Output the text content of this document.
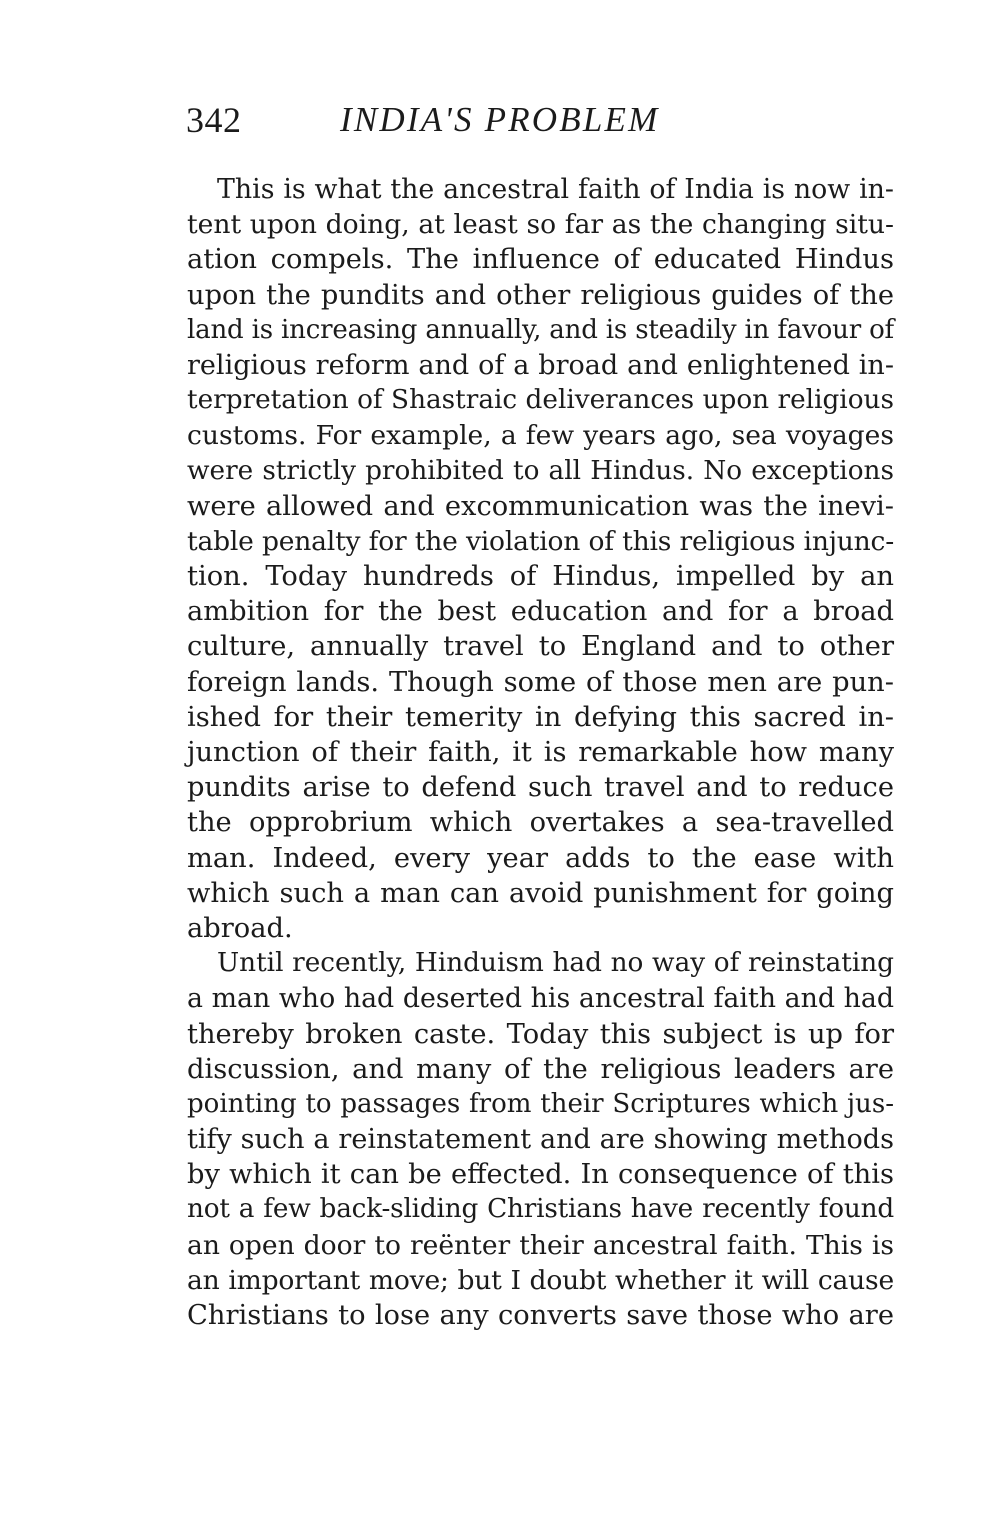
342	INDIA'S PROBLEM
This is what the ancestral faith of India is now in-
tent upon doing, at least so far as the changing situ-
ation compels. The influence of educated Hindus
upon the pundits and other religious guides of the
land is increasing annually, and is steadily in favour of
religious reform and of a broad and enlightened in-
terpretation of Shastraic deliverances upon religious
customs. For example, a few years ago, sea voyages
were strictly prohibited to all Hindus. No exceptions
were allowed and excommunication was the inevi-
table penalty for the violation of this religious injunc-
tion. Today hundreds of Hindus, impelled by an
ambition for the best education and for a broad
culture, annually travel to England and to other
foreign lands. Though some of those men are pun-
ished for their temerity in defying this sacred in-
junction of their faith, it is remarkable how many
pundits arise to defend such travel and to reduce
the opprobrium which overtakes a sea-travelled
man. Indeed, every year adds to the ease with
which such a man can avoid punishment for going
abroad.
Until recently, Hinduism had no way of reinstating
a man who had deserted his ancestral faith and had
thereby broken caste. Today this subject is up for
discussion, and many of the religious leaders are
pointing to passages from their Scriptures which jus-
tify such a reinstatement and are showing methods
by which it can be effected. In consequence of this
not a few back-sliding Christians have recently found
an open door to reënter their ancestral faith. This is
an important move; but I doubt whether it will cause
Christians to lose any converts save those who are
